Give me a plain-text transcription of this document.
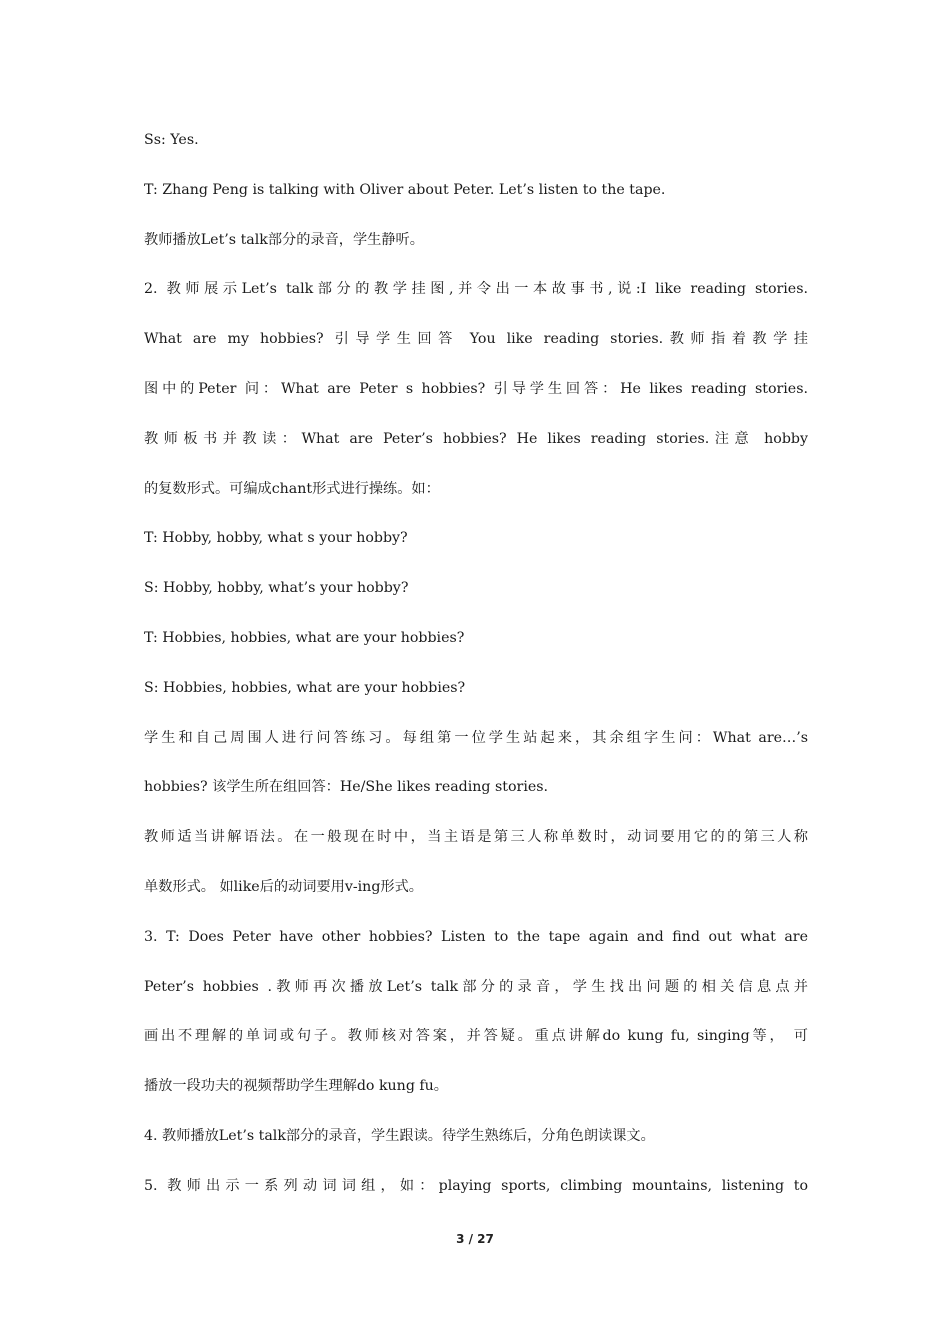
Ss: Yes.
T: Zhang Peng is talking with Oliver about Peter. Let’s listen to the tape.
教师播放Let’s talk部分的录音，学生静听。
2. 教师展示Let’s talk部分的教学挂图,并令出一本故事书,说:I like reading stories.
What are my hobbies? 引导学生回答 You like reading stories.教师指着教学挂
图中的Peter 问：What are Peter s hobbies? 引导学生回答：He likes reading stories.
教师板书并教读：What are Peter’s hobbies? He likes reading stories.注意 hobby
的复数形式。可编成chant形式进行操练。如：
T: Hobby, hobby, what s your hobby?
S: Hobby, hobby, what’s your hobby?
T: Hobbies, hobbies, what are your hobbies?
S: Hobbies, hobbies, what are your hobbies?
学生和自己周围人进行问答练习。每组第一位学生站起来，其余组字生问：What are…’s
hobbies? 该学生所在组回答：He/She likes reading stories.
教师适当讲解语法。在一般现在时中，当主语是第三人称单数时，动词要用它的的第三人称
单数形式。 如like后的动词要用v-ing形式。
3. T: Does Peter have other hobbies? Listen to the tape again and find out what are
Peter’s hobbies .教师再次播放Let’s talk部分的录音，学生找出问题的相关信息点并
画出不理解的单词或句子。教师核对答案，并答疑。重点讲解do kung fu, singing等， 可
播放一段功夫的视频帮助学生理解do kung fu。
4. 教师播放Let’s talk部分的录音，学生跟读。待学生熟练后，分角色朗读课文。
5. 教师出示一系列动词词组，如：playing sports, climbing mountains, listening to
3 / 27
